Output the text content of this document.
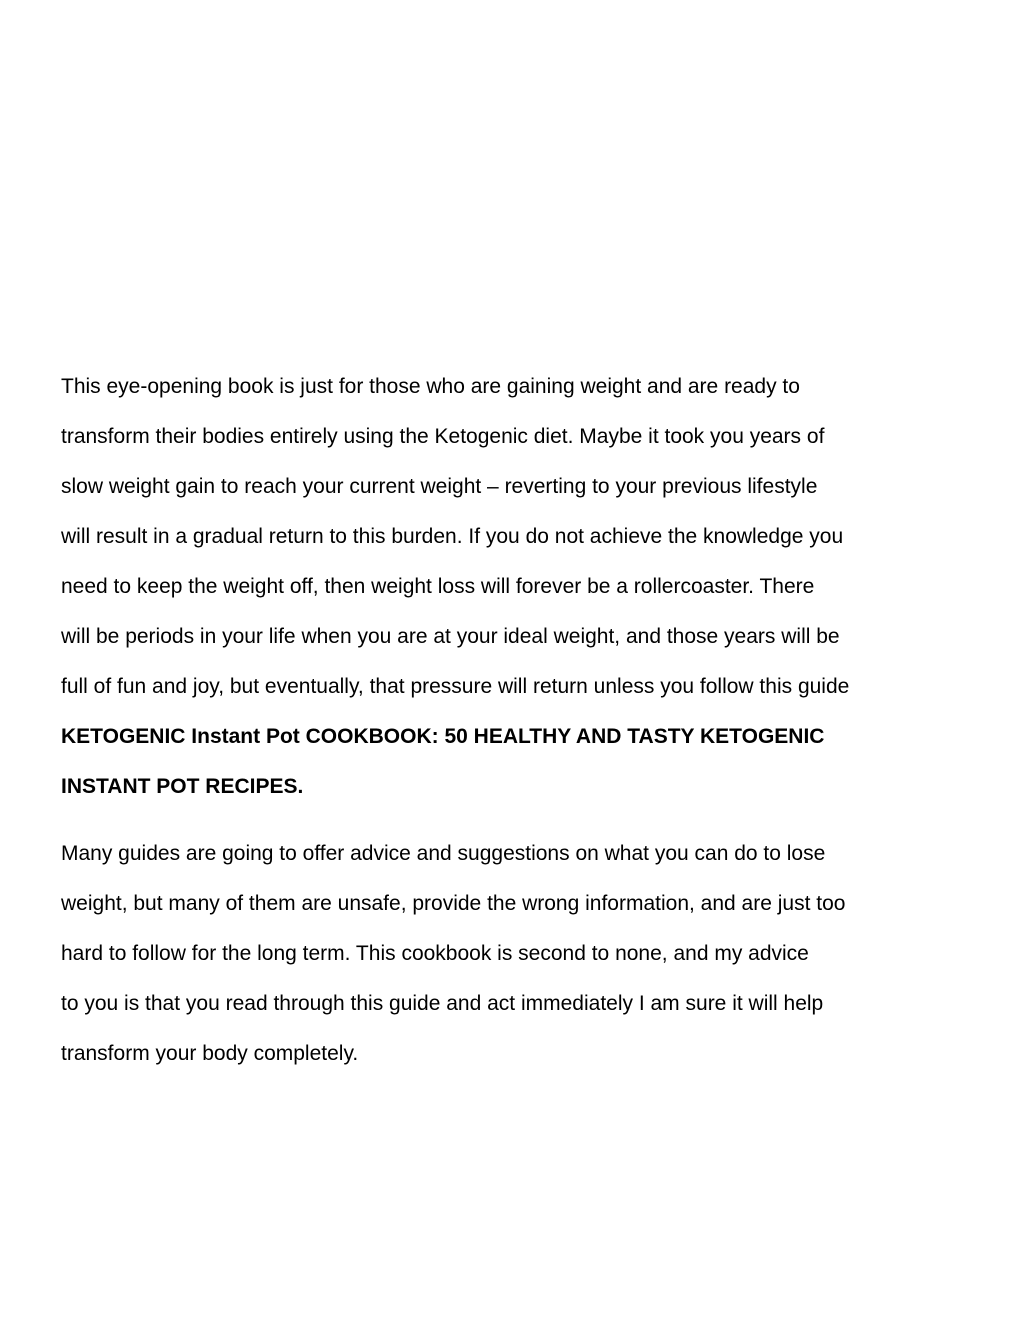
This eye-opening book is just for those who are gaining weight and are ready to
transform their bodies entirely using the Ketogenic diet. Maybe it took you years of
slow weight gain to reach your current weight – reverting to your previous lifestyle
will result in a gradual return to this burden. If you do not achieve the knowledge you
need to keep the weight off, then weight loss will forever be a rollercoaster. There
will be periods in your life when you are at your ideal weight, and those years will be
full of fun and joy, but eventually, that pressure will return unless you follow this guide
KETOGENIC Instant Pot COOKBOOK: 50 HEALTHY AND TASTY KETOGENIC
INSTANT POT RECIPES.
Many guides are going to offer advice and suggestions on what you can do to lose
weight, but many of them are unsafe, provide the wrong information, and are just too
hard to follow for the long term. This cookbook is second to none, and my advice
to you is that you read through this guide and act immediately I am sure it will help
transform your body completely.
